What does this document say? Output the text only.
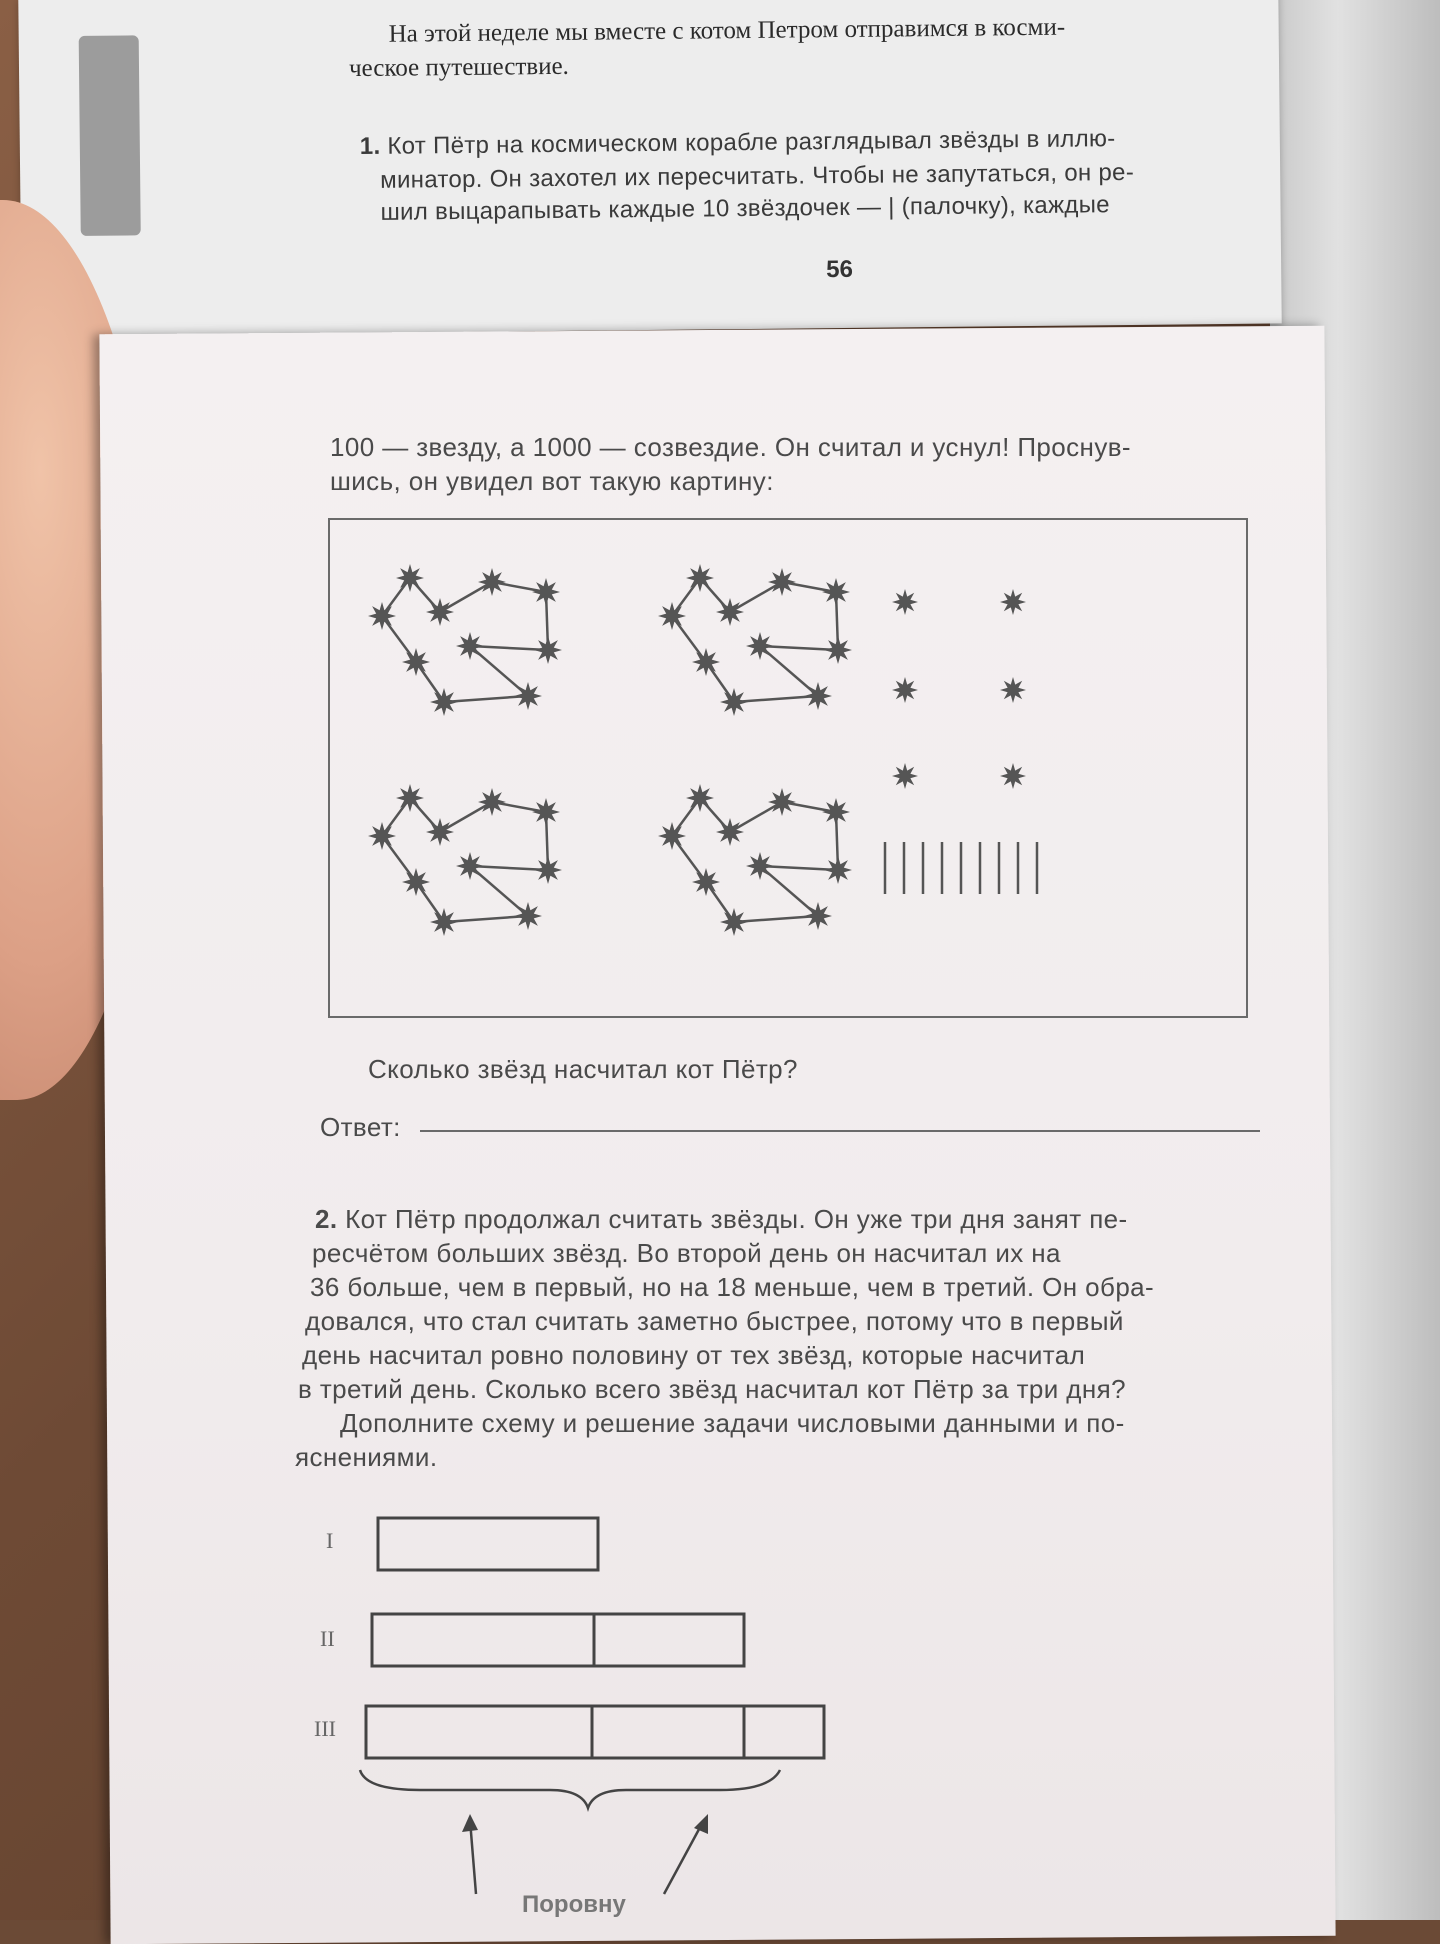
На этой неделе мы вместе с котом Петром отправимся в косми-
ческое путешествие.
1. Кот Пётр на космическом корабле разглядывал звёзды в иллю-
минатор. Он захотел их пересчитать. Чтобы не запутаться, он ре-
шил выцарапывать каждые 10 звёздочек — | (палочку), каждые
56
100 — звезду, а 1000 — созвездие. Он считал и уснул! Проснув-
шись, он увидел вот такую картину:
Сколько звёзд насчитал кот Пётр?
Ответ:
2. Кот Пётр продолжал считать звёзды. Он уже три дня занят пе-
ресчётом больших звёзд. Во второй день он насчитал их на
36 больше, чем в первый, но на 18 меньше, чем в третий. Он обра-
довался, что стал считать заметно быстрее, потому что в первый
день насчитал ровно половину от тех звёзд, которые насчитал
в третий день. Сколько всего звёзд насчитал кот Пётр за три дня?
Дополните схему и решение задачи числовыми данными и по-
яснениями.
I
II
III
Поровну
